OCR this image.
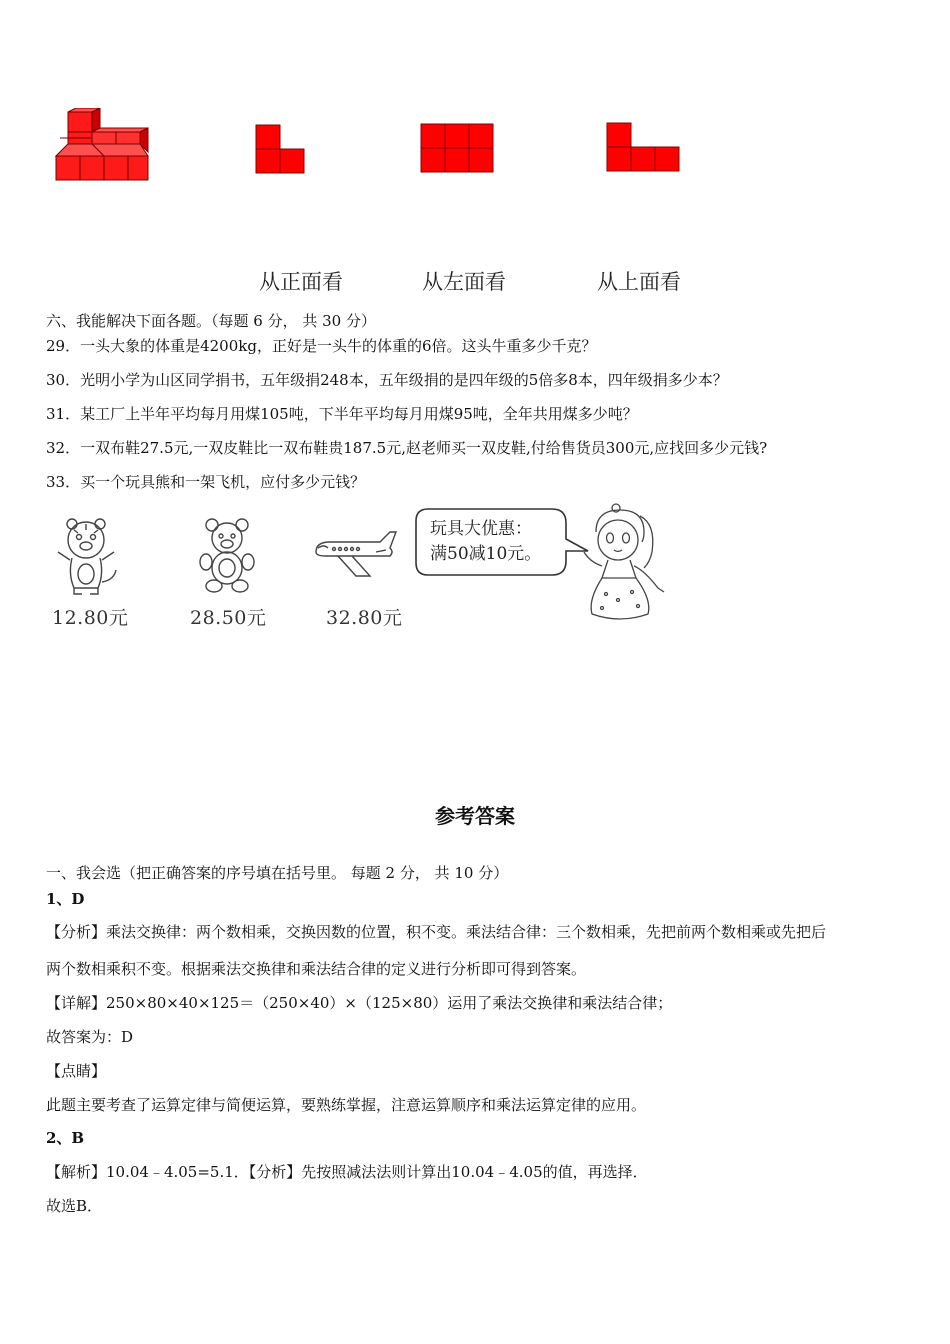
从正面看	从左面看	从上面看
六、我能解决下面各题。（每题 6 分， 共 30 分）
29．一头大象的体重是4200kg，正好是一头牛的体重的6倍。这头牛重多少千克？
30．光明小学为山区同学捐书，五年级捐248本，五年级捐的是四年级的5倍多8本，四年级捐多少本？
31．某工厂上半年平均每月用煤105吨，下半年平均每月用煤95吨，全年共用煤多少吨？
32．一双布鞋27.5元,一双皮鞋比一双布鞋贵187.5元,赵老师买一双皮鞋,付给售货员300元,应找回多少元钱?
33．买一个玩具熊和一架飞机，应付多少元钱？
12.80元	28.50元	32.80元
玩具大优惠：
满50减10元。
参考答案
一、我会选（把正确答案的序号填在括号里。 每题 2 分， 共 10 分）
1、D
【分析】乘法交换律：两个数相乘，交换因数的位置，积不变。乘法结合律：三个数相乘，先把前两个数相乘或先把后
两个数相乘积不变。根据乘法交换律和乘法结合律的定义进行分析即可得到答案。
【详解】250×80×40×125＝（250×40）×（125×80）运用了乘法交换律和乘法结合律；
故答案为：D
【点睛】
此题主要考查了运算定律与简便运算，要熟练掌握，注意运算顺序和乘法运算定律的应用。
2、B
【解析】10.04﹣4.05=5.1．【分析】先按照减法法则计算出10.04﹣4.05的值，再选择．
故选B．
